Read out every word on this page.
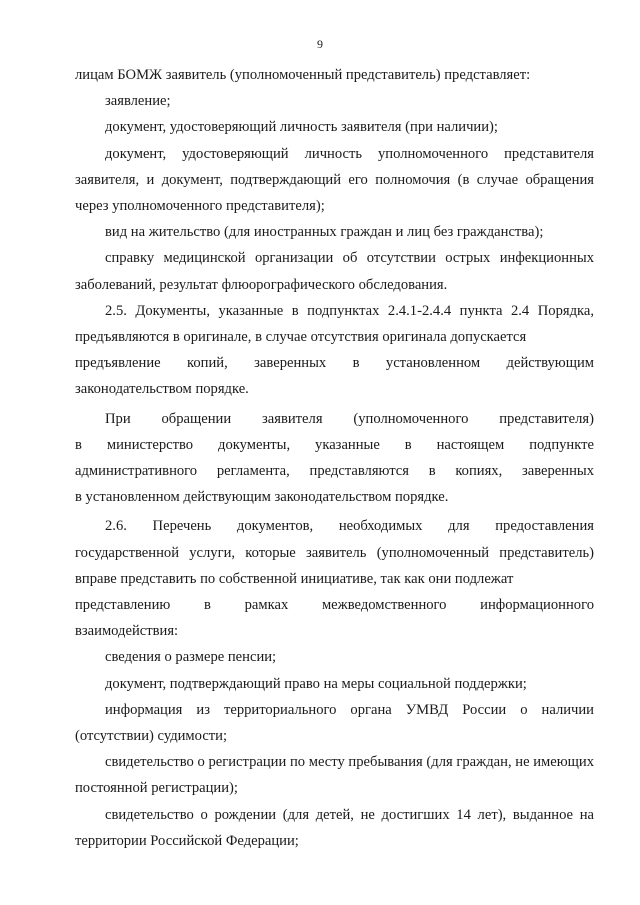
9

лицам БОМЖ заявитель (уполномоченный представитель) представляет:

заявление;

документ, удостоверяющий личность заявителя (при наличии);

документ, удостоверяющий личность уполномоченного представителя заявителя, и документ, подтверждающий его полномочия (в случае обращения через уполномоченного представителя);

вид на жительство (для иностранных граждан и лиц без гражданства);

справку медицинской организации об отсутствии острых инфекционных заболеваний, результат флюорографического обследования.

2.5. Документы, указанные в подпунктах 2.4.1-2.4.4 пункта 2.4 Порядка, предъявляются в оригинале, в случае отсутствия оригинала допускается

предъявление копий, заверенных в установленном действующим

законодательством порядке.

При обращении заявителя (уполномоченного представителя)

в министерство документы, указанные в настоящем подпункте

административного регламента, представляются в копиях, заверенных

в установленном действующим законодательством порядке.

2.6. Перечень документов, необходимых для предоставления

государственной услуги, которые заявитель (уполномоченный представитель) вправе представить по собственной инициативе, так как они подлежат

представлению в рамках межведомственного информационного

взаимодействия:

сведения о размере пенсии;

документ, подтверждающий право на меры социальной поддержки;

информация из территориального органа УМВД России о наличии (отсутствии) судимости;

свидетельство о регистрации по месту пребывания (для граждан, не имеющих постоянной регистрации);

свидетельство о рождении (для детей, не достигших 14 лет), выданное на территории Российской Федерации;
